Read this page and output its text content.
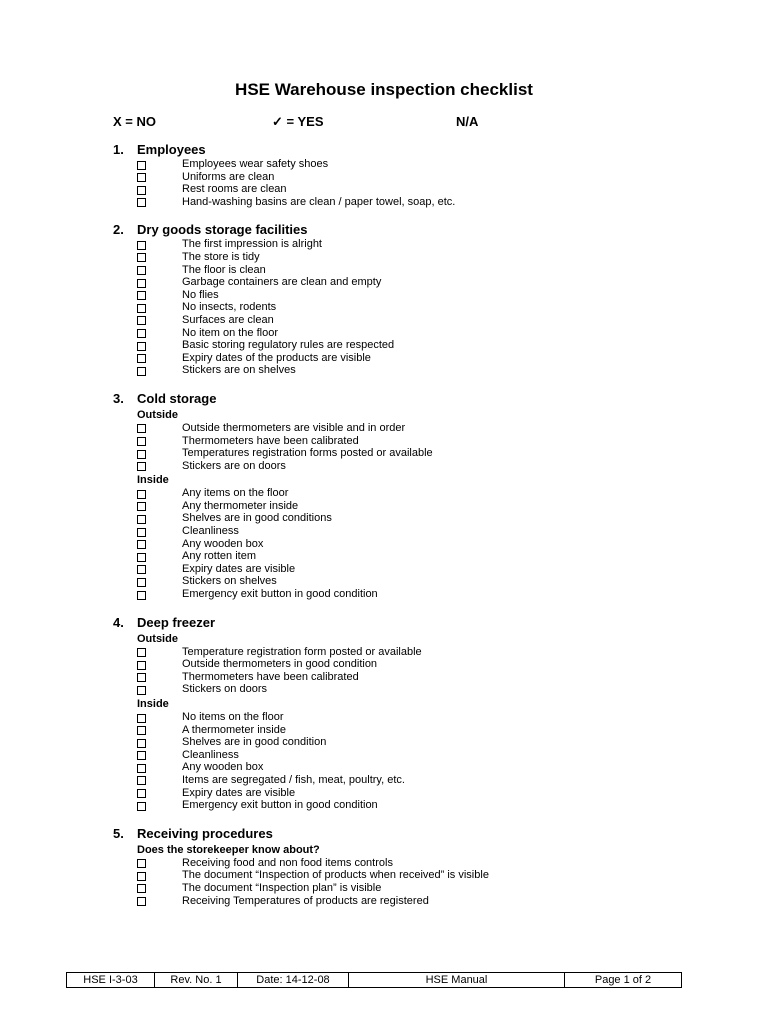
HSE Warehouse inspection checklist
X = NO	✓ = YES	N/A
1. Employees
Employees wear safety shoes
Uniforms are clean
Rest rooms are clean
Hand-washing basins are clean / paper towel, soap, etc.
2. Dry goods storage facilities
The first impression is alright
The store is tidy
The floor is clean
Garbage containers are clean and empty
No flies
No insects, rodents
Surfaces are clean
No item on the floor
Basic storing regulatory rules are respected
Expiry dates of the products are visible
Stickers are on shelves
3. Cold storage
Outside
Outside thermometers are visible and in order
Thermometers have been calibrated
Temperatures registration forms posted or available
Stickers are on doors
Inside
Any items on the floor
Any thermometer inside
Shelves are in good conditions
Cleanliness
Any wooden box
Any rotten item
Expiry dates are visible
Stickers on shelves
Emergency exit button in good condition
4. Deep freezer
Outside
Temperature registration form posted or available
Outside thermometers in good condition
Thermometers have been calibrated
Stickers on doors
Inside
No items on the floor
A thermometer inside
Shelves are in good condition
Cleanliness
Any wooden box
Items are segregated / fish, meat, poultry, etc.
Expiry dates are visible
Emergency exit button in good condition
5. Receiving procedures
Does the storekeeper know about?
Receiving food and non food items controls
The document “Inspection of products when received” is visible
The document “Inspection plan” is visible
Receiving Temperatures of products are registered
HSE I-3-03	Rev. No. 1	Date: 14-12-08	HSE Manual	Page 1 of 2
